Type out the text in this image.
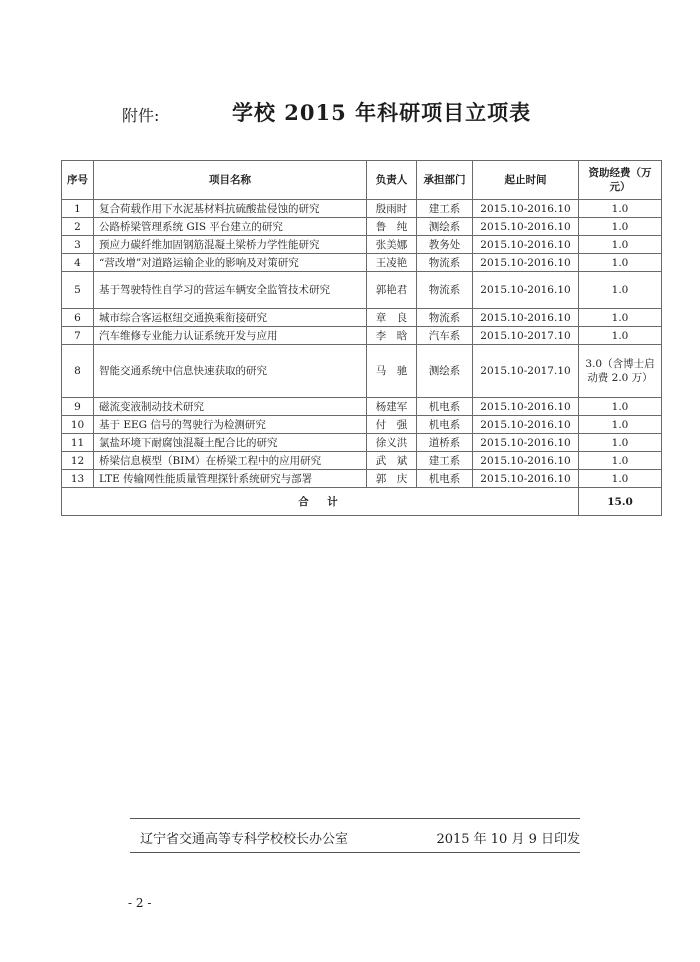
附件:	学校 2015 年科研项目立项表
序号	项目名称	负责人	承担部门	起止时间	资助经费（万元）
1	复合荷载作用下水泥基材料抗硫酸盐侵蚀的研究	殷雨时	建工系	2015.10-2016.10	1.0
2	公路桥梁管理系统 GIS 平台建立的研究	鲁　纯	测绘系	2015.10-2016.10	1.0
3	预应力碳纤维加固钢筋混凝土梁桥力学性能研究	张美娜	教务处	2015.10-2016.10	1.0
4	“营改增”对道路运输企业的影响及对策研究	王凌艳	物流系	2015.10-2016.10	1.0
5	基于驾驶特性自学习的营运车辆安全监管技术研究	郭艳君	物流系	2015.10-2016.10	1.0
6	城市综合客运枢纽交通换乘衔接研究	章　良	物流系	2015.10-2016.10	1.0
7	汽车维修专业能力认证系统开发与应用	李　晗	汽车系	2015.10-2017.10	1.0
8	智能交通系统中信息快速获取的研究	马　驰	测绘系	2015.10-2017.10	3.0（含博士启动费 2.0 万）
9	磁流变液制动技术研究	杨建军	机电系	2015.10-2016.10	1.0
10	基于 EEG 信号的驾驶行为检测研究	付　强	机电系	2015.10-2016.10	1.0
11	氯盐环境下耐腐蚀混凝土配合比的研究	徐义洪	道桥系	2015.10-2016.10	1.0
12	桥梁信息模型（BIM）在桥梁工程中的应用研究	武　斌	建工系	2015.10-2016.10	1.0
13	LTE 传输网性能质量管理探针系统研究与部署	郭　庆	机电系	2015.10-2016.10	1.0
合　计					15.0
辽宁省交通高等专科学校校长办公室	2015 年 10 月 9 日印发
- 2 -
